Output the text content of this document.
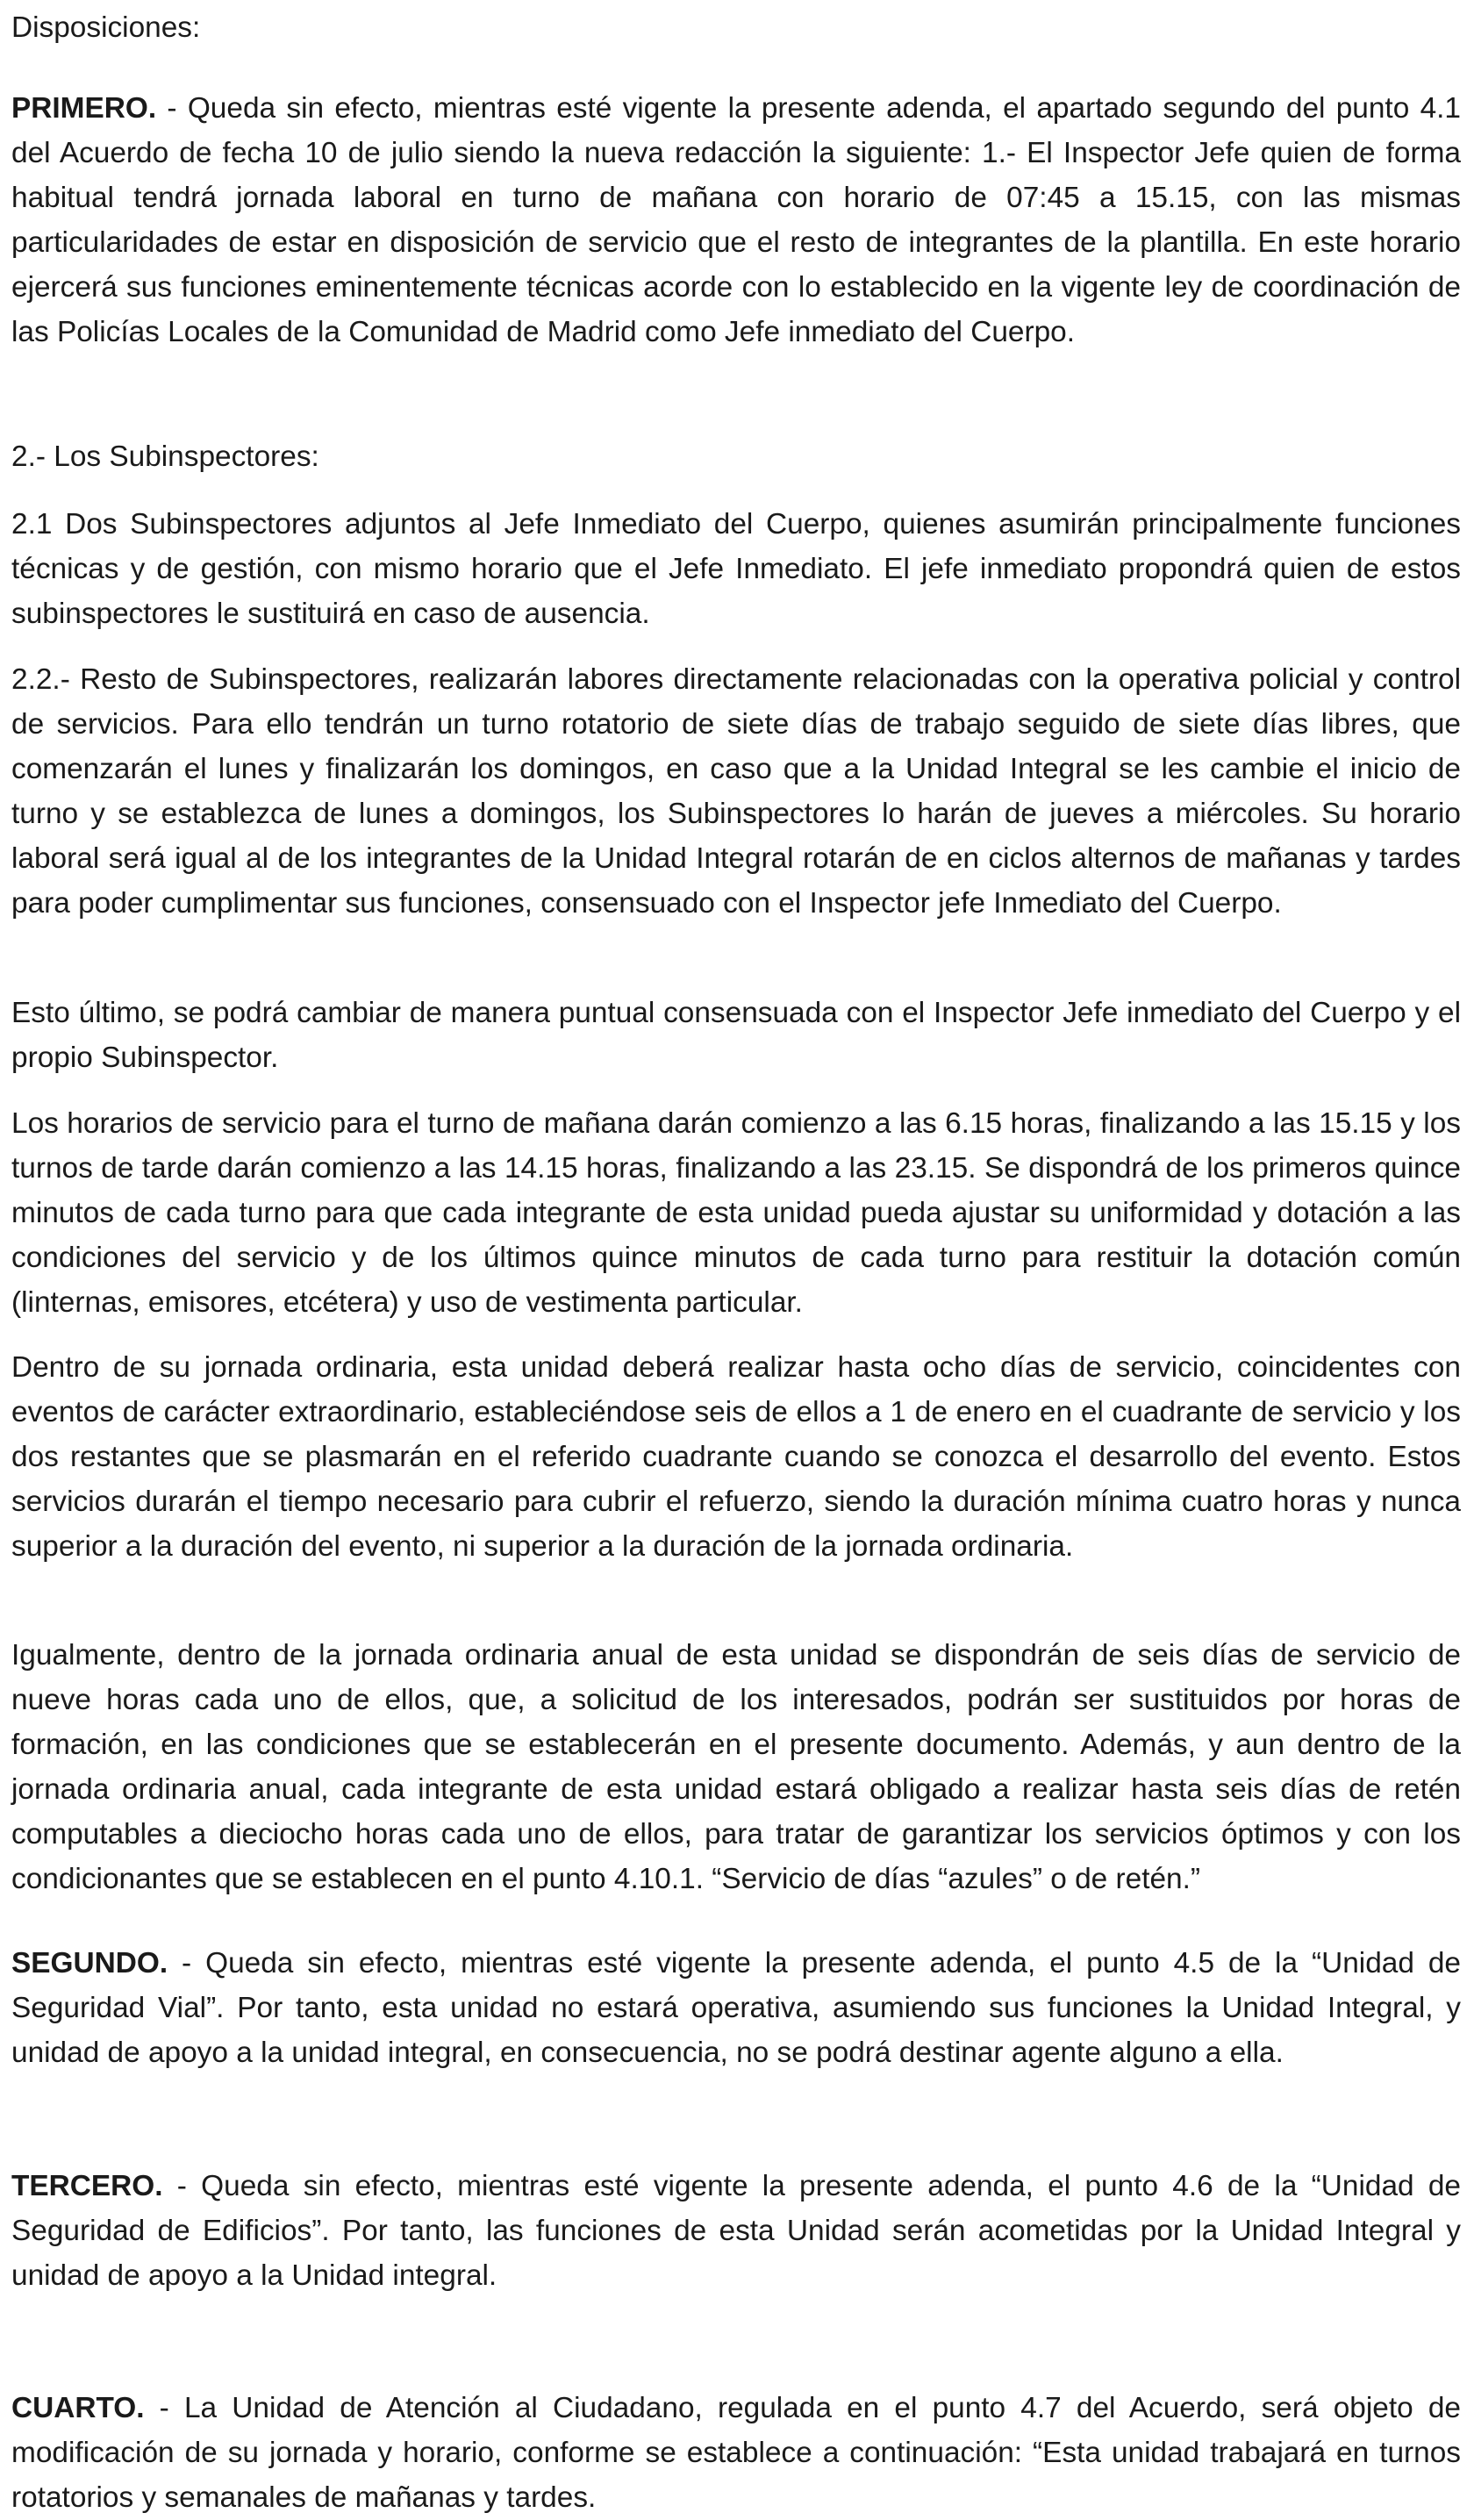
Disposiciones:

PRIMERO. - Queda sin efecto, mientras esté vigente la presente adenda, el apartado segundo del punto 4.1 del Acuerdo de fecha 10 de julio siendo la nueva redacción la siguiente: 1.- El Inspector Jefe quien de forma habitual tendrá jornada laboral en turno de mañana con horario de 07:45 a 15.15, con las mismas particularidades de estar en disposición de servicio que el resto de integrantes de la plantilla. En este horario ejercerá sus funciones eminentemente técnicas acorde con lo establecido en la vigente ley de coordinación de las Policías Locales de la Comunidad de Madrid como Jefe inmediato del Cuerpo.

2.- Los Subinspectores:

2.1 Dos Subinspectores adjuntos al Jefe Inmediato del Cuerpo, quienes asumirán principalmente funciones técnicas y de gestión, con mismo horario que el Jefe Inmediato. El jefe inmediato propondrá quien de estos subinspectores le sustituirá en caso de ausencia.

2.2.- Resto de Subinspectores, realizarán labores directamente relacionadas con la operativa policial y control de servicios. Para ello tendrán un turno rotatorio de siete días de trabajo seguido de siete días libres, que comenzarán el lunes y finalizarán los domingos, en caso que a la Unidad Integral se les cambie el inicio de turno y se establezca de lunes a domingos, los Subinspectores lo harán de jueves a miércoles. Su horario laboral será igual al de los integrantes de la Unidad Integral rotarán de en ciclos alternos de mañanas y tardes para poder cumplimentar sus funciones, consensuado con el Inspector jefe Inmediato del Cuerpo.

Esto último, se podrá cambiar de manera puntual consensuada con el Inspector Jefe inmediato del Cuerpo y el propio Subinspector.

Los horarios de servicio para el turno de mañana darán comienzo a las 6.15 horas, finalizando a las 15.15 y los turnos de tarde darán comienzo a las 14.15 horas, finalizando a las 23.15. Se dispondrá de los primeros quince minutos de cada turno para que cada integrante de esta unidad pueda ajustar su uniformidad y dotación a las condiciones del servicio y de los últimos quince minutos de cada turno para restituir la dotación común (linternas, emisores, etcétera) y uso de vestimenta particular.

Dentro de su jornada ordinaria, esta unidad deberá realizar hasta ocho días de servicio, coincidentes con eventos de carácter extraordinario, estableciéndose seis de ellos a 1 de enero en el cuadrante de servicio y los dos restantes que se plasmarán en el referido cuadrante cuando se conozca el desarrollo del evento. Estos servicios durarán el tiempo necesario para cubrir el refuerzo, siendo la duración mínima cuatro horas y nunca superior a la duración del evento, ni superior a la duración de la jornada ordinaria.

Igualmente, dentro de la jornada ordinaria anual de esta unidad se dispondrán de seis días de servicio de nueve horas cada uno de ellos, que, a solicitud de los interesados, podrán ser sustituidos por horas de formación, en las condiciones que se establecerán en el presente documento. Además, y aun dentro de la jornada ordinaria anual, cada integrante de esta unidad estará obligado a realizar hasta seis días de retén computables a dieciocho horas cada uno de ellos, para tratar de garantizar los servicios óptimos y con los condicionantes que se establecen en el punto 4.10.1. “Servicio de días “azules” o de retén.”

SEGUNDO. - Queda sin efecto, mientras esté vigente la presente adenda, el punto 4.5 de la “Unidad de Seguridad Vial”. Por tanto, esta unidad no estará operativa, asumiendo sus funciones la Unidad Integral, y unidad de apoyo a la unidad integral, en consecuencia, no se podrá destinar agente alguno a ella.

TERCERO. - Queda sin efecto, mientras esté vigente la presente adenda, el punto 4.6 de la “Unidad de Seguridad de Edificios”. Por tanto, las funciones de esta Unidad serán acometidas por la Unidad Integral y unidad de apoyo a la Unidad integral.

CUARTO. - La Unidad de Atención al Ciudadano, regulada en el punto 4.7 del Acuerdo, será objeto de modificación de su jornada y horario, conforme se establece a continuación: “Esta unidad trabajará en turnos rotatorios y semanales de mañanas y tardes.
